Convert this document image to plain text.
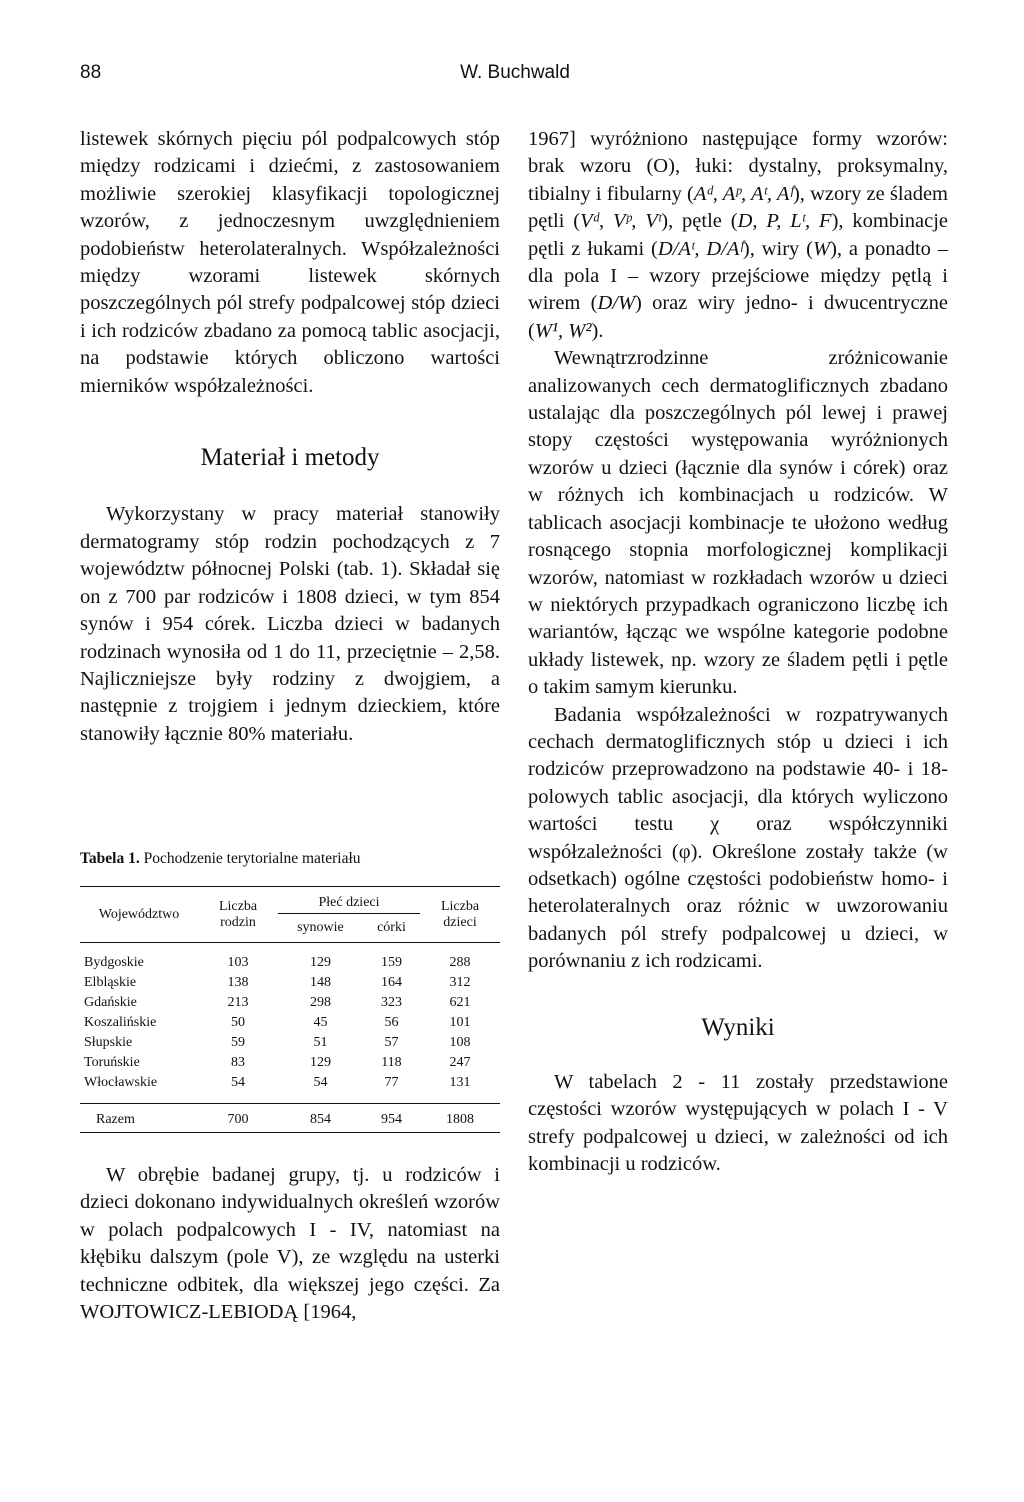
88	W. Buchwald

listewek skórnych pięciu pól podpalcowych stóp między rodzicami i dziećmi, z zastosowaniem możliwie szerokiej klasyfikacji topologicznej wzorów, z jednoczesnym uwzględnieniem podobieństw heterolateralnych. Współzależności między wzorami listewek skórnych poszczególnych pól strefy podpalcowej stóp dzieci i ich rodziców zbadano za pomocą tablic asocjacji, na podstawie których obliczono wartości mierników współzależności.

Materiał i metody

Wykorzystany w pracy materiał stanowiły dermatogramy stóp rodzin pochodzących z 7 województw północnej Polski (tab. 1). Składał się on z 700 par rodziców i 1808 dzieci, w tym 854 synów i 954 córek. Liczba dzieci w badanych rodzinach wynosiła od 1 do 11, przeciętnie – 2,58. Najliczniejsze były rodziny z dwojgiem, a następnie z trojgiem i jednym dzieckiem, które stanowiły łącznie 80% materiału.

Tabela 1. Pochodzenie terytorialne materiału
Województwo	Liczba rodzin	Płeć dzieci		Liczba dzieci
		synowie	córki	
Bydgoskie	103	129	159	288
Elbląskie	138	148	164	312
Gdańskie	213	298	323	621
Koszalińskie	50	45	56	101
Słupskie	59	51	57	108
Toruńskie	83	129	118	247
Włocławskie	54	54	77	131
Razem	700	854	954	1808

W obrębie badanej grupy, tj. u rodziców i dzieci dokonano indywidualnych określeń wzorów w polach podpalcowych I - IV, natomiast na kłębiku dalszym (pole V), ze względu na usterki techniczne odbitek, dla większej jego części. Za WOJTOWICZ-LEBIODĄ [1964,

1967] wyróżniono następujące formy wzorów: brak wzoru (O), łuki: dystalny, proksymalny, tibialny i fibularny (Aᵈ, Aᵖ, Aᵗ, Aᶠ), wzory ze śladem pętli (Vᵈ, Vᵖ, Vᵗ), pętle (D, P, Lᵗ, F), kombinacje pętli z łukami (D/Aᵗ, D/Aᶠ), wiry (W), a ponadto – dla pola I – wzory przejściowe między pętlą i wirem (D/W) oraz wiry jedno- i dwucentryczne (W¹, W²).

Wewnątrzrodzinne zróżnicowanie analizowanych cech dermatoglificznych zbadano ustalając dla poszczególnych pól lewej i prawej stopy częstości występowania wyróżnionych wzorów u dzieci (łącznie dla synów i córek) oraz w różnych ich kombinacjach u rodziców. W tablicach asocjacji kombinacje te ułożono według rosnącego stopnia morfologicznej komplikacji wzorów, natomiast w rozkładach wzorów u dzieci w niektórych przypadkach ograniczono liczbę ich wariantów, łącząc we wspólne kategorie podobne układy listewek, np. wzory ze śladem pętli i pętle o takim samym kierunku.

Badania współzależności w rozpatrywanych cechach dermatoglificznych stóp u dzieci i ich rodziców przeprowadzono na podstawie 40- i 18-polowych tablic asocjacji, dla których wyliczono wartości testu χ oraz współczynniki współzależności (φ). Określone zostały także (w odsetkach) ogólne częstości podobieństw homo- i heterolateralnych oraz różnic w uwzorowaniu badanych pól strefy podpalcowej u dzieci, w porównaniu z ich rodzicami.

Wyniki

W tabelach 2 - 11 zostały przedstawione częstości wzorów występujących w polach I - V strefy podpalcowej u dzieci, w zależności od ich kombinacji u rodziców.
